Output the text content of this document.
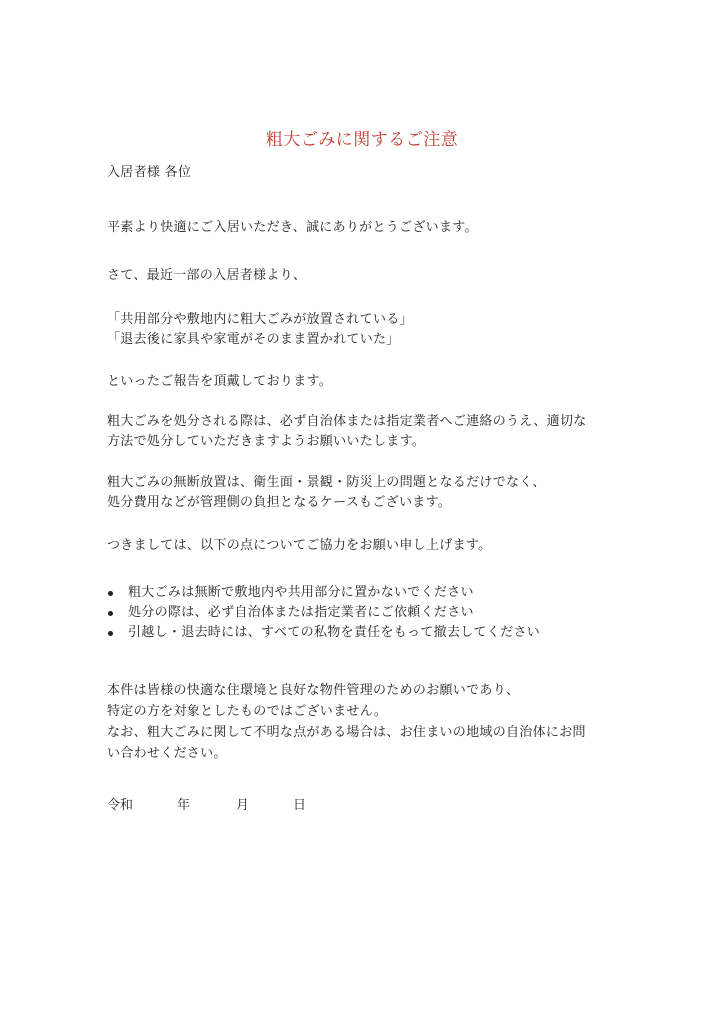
粗大ごみに関するご注意
入居者様 各位
平素より快適にご入居いただき、誠にありがとうございます。
さて、最近一部の入居者様より、
「共用部分や敷地内に粗大ごみが放置されている」
「退去後に家具や家電がそのまま置かれていた」
といったご報告を頂戴しております。
粗大ごみを処分される際は、必ず自治体または指定業者へご連絡のうえ、適切な
方法で処分していただきますようお願いいたします。
粗大ごみの無断放置は、衛生面・景観・防災上の問題となるだけでなく、
処分費用などが管理側の負担となるケースもございます。
つきましては、以下の点についてご協力をお願い申し上げます。
粗大ごみは無断で敷地内や共用部分に置かないでください
処分の際は、必ず自治体または指定業者にご依頼ください
引越し・退去時には、すべての私物を責任をもって撤去してください
本件は皆様の快適な住環境と良好な物件管理のためのお願いであり、
特定の方を対象としたものではございません。
なお、粗大ごみに関して不明な点がある場合は、お住まいの地域の自治体にお問
い合わせください。
令和	年	月	日
